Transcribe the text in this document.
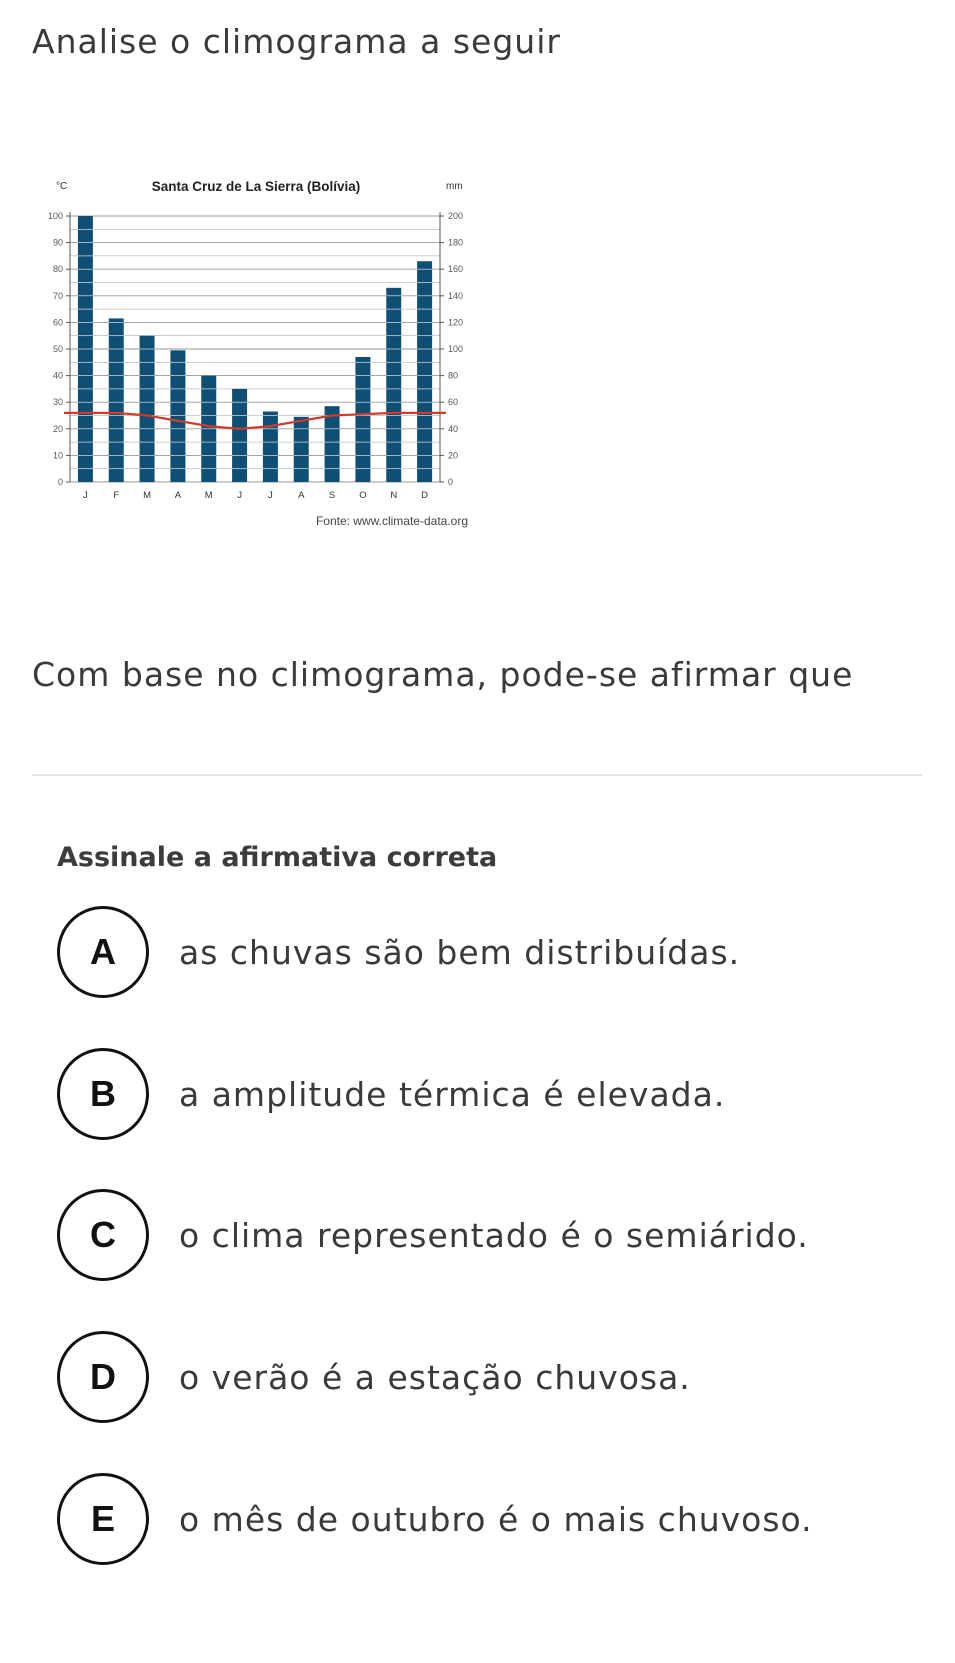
Analise o climograma a seguir
0
10
20
30
40
50
60
70
80
90
100
0
20
40
60
80
100
120
140
160
180
200
°C	mm
Santa Cruz de La Sierra (Bolívia)
J	F	M A M	J	J	A	S	O N	D
Fonte: www.climate-data.org

Com base no climograma, pode-se afirmar que

Assinale a afirmativa correta

A	as chuvas são bem distribuídas.
B	a amplitude térmica é elevada.
C	o clima representado é o semiárido.
D	o verão é a estação chuvosa.
E	o mês de outubro é o mais chuvoso.
